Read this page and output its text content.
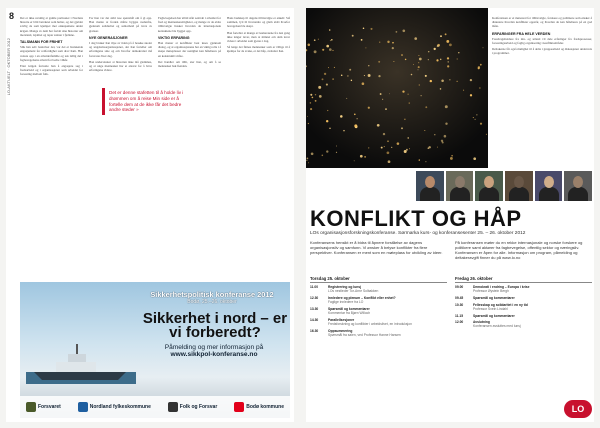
8
LO-AKTUELT · OKTOBER 2012

Det er ikke uvanlig at gamle partisaner i Nordens historie er blitt betraktet som helter, og det gjelder særlig de som kjempet mot okkupantene under krigen. Mange av dem har fortalt sine historier om motstand, lojalitet og tapte venner i fjellene.

TALSMANN FOR FRIHET

Slik han selv beskriver det, var det et brennende engasjement for rettferdighet som drev ham. Han vokste opp i en arbeiderfamilie og tok tidlig del i fagbevegelsens arbeid for bedre vilkår.

Etter krigen fortsatte han å engasjere seg i fredsarbeid og i organisasjoner som arbeidet for forsoning mellom folk.

For han var det aldri noe spørsmål om å gi opp. Han mente at freden måtte bygges nedenfra, gjennom solidaritet og samarbeid på tvers av grenser.

NYE GENERASJONER

I dag bruker han mye av tiden på å besøke skoler og ungdomsorganisasjoner, der han forteller om erfaringene sine og om hvorfor demokratiet må forsvares hver dag.

Han understreker at historien ikke må glemmes, og at unge mennesker har et ansvar for å bære erfaringene videre.

Fagbevegelsen har alltid stått sentralt i arbeidet for fred og menneskerettigheter, og mange av de eldre tillitsvalgte husker hvordan de internasjonale kontaktene ble bygget opp.

VIKTIG ERFARING

Han mener at konflikter best løses gjennom dialog, og at organisasjonene har en viktig rolle i å skape møteplasser der uenighet kan håndteres på en konstruktiv måte.

Det handler om tillit, sier han, og om å se mennesket bak fienden.

Hans budskap til dagens tillitsvalgte er enkelt: Stå sammen, lytt til hverandre og glem aldri hvorfor bevegelsen ble skapt.

Han forteller at mange av kameratene fra den gang ikke lenger lever, men at minnet om dem lever videre i arbeidet som gjøres i dag.

Så lenge det finnes mennesker som er villige til å kjempe for de svake, er det håp, avslutter han.

Det er denne stafetten til å holde liv i drømmen om å reise Min side er å fortelle dem at de ikke får det bedre andre steder »
Sikkerhetspolitisk konferanse 2012
Bodø, 25.–26. oktober
Sikkerhet i nord – er vi forberedt?
Påmelding og mer informasjon på
www.sikkpol-konferanse.no
Forsvaret	Nordland fylkeskommune	Folk og Forsvar	Bodø kommune

Konferansen er et møtested for tillitsvalgte, forskere og politikere som ønsker å diskutere hvordan konflikter oppstår, og hvordan de kan håndteres på en god måte.

ERFARINGER FRA HELE VERDEN

Foredragsholdere fra inn- og utland vil dele erfaringer fra fredsprosesser, forsoningsarbeid og faglig organisering i konfliktområder.

Deltakerne får også mulighet til å delta i gruppearbeid og diskusjoner underveis i programmet.

KONFLIKT OG HÅP
LOs organisasjonsforskningskonferanse. Sørmarka kurs- og konferansesenter 25. – 26. oktober 2012

Konferansens hensikt er å bidra til åpnere forståelse av dagens organisasjonsliv og samfunn. Vi ønsker å belyse konflikter fra flere perspektiver. Konferansen er ment som en møteplass for utvikling av ideer.

På konferansen møter du en rekke internasjonale og norske forskere og politikere samt aktører fra fagbevegelse, offentlig sektor og næringsliv. Konferansen er åpen for alle. Informasjon om program, påmelding og deltakeravgift finner du på www.lo.no

Torsdag 25. oktober
11.00	Registrering og lunsj
LOs nestleder Tor-Arne Solbakken
12.30	Innledere og plenum – Konflikt eller enhet?
Faglige innledere fra LO
13.30	Spørsmål og kommentarer
Kommentar fra Bjørn Willoch
14.30	Parallellsesjoner
Fredsforskning og konflikter i arbeidslivet, en introduksjon
16.30	Oppsummering
Spørsmål fra salen, ved Professor Hanne Hansen
Fredag 26. oktober
09.00	Demokrati i endring – Europa i krise
Professor Øystein Bergh
09.45	Spørsmål og kommentarer
10.30	Fellesskap og solidaritet i en ny tid
Professor Svein Lindahl
11.15	Spørsmål og kommentarer
12.00	Avslutning
Konferansen avsluttes med lunsj
LO
